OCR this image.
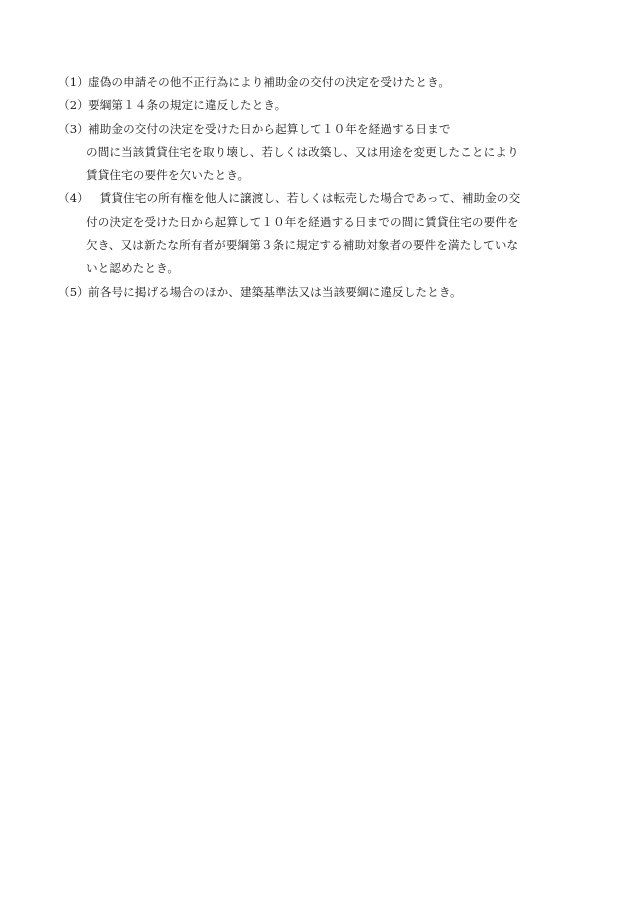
（1） 虚偽の申請その他不正行為により補助金の交付の決定を受けたとき。
（2） 要綱第１４条の規定に違反したとき。
（3） 補助金の交付の決定を受けた日から起算して１０年を経過する日まで
の間に当該賃貸住宅を取り壊し、若しくは改築し、又は用途を変更したことにより
賃貸住宅の要件を欠いたとき。
（4） 　賃貸住宅の所有権を他人に譲渡し、若しくは転売した場合であって、補助金の交
付の決定を受けた日から起算して１０年を経過する日までの間に賃貸住宅の要件を
欠き、又は新たな所有者が要綱第３条に規定する補助対象者の要件を満たしていな
いと認めたとき。
（5） 前各号に掲げる場合のほか、建築基準法又は当該要綱に違反したとき。
